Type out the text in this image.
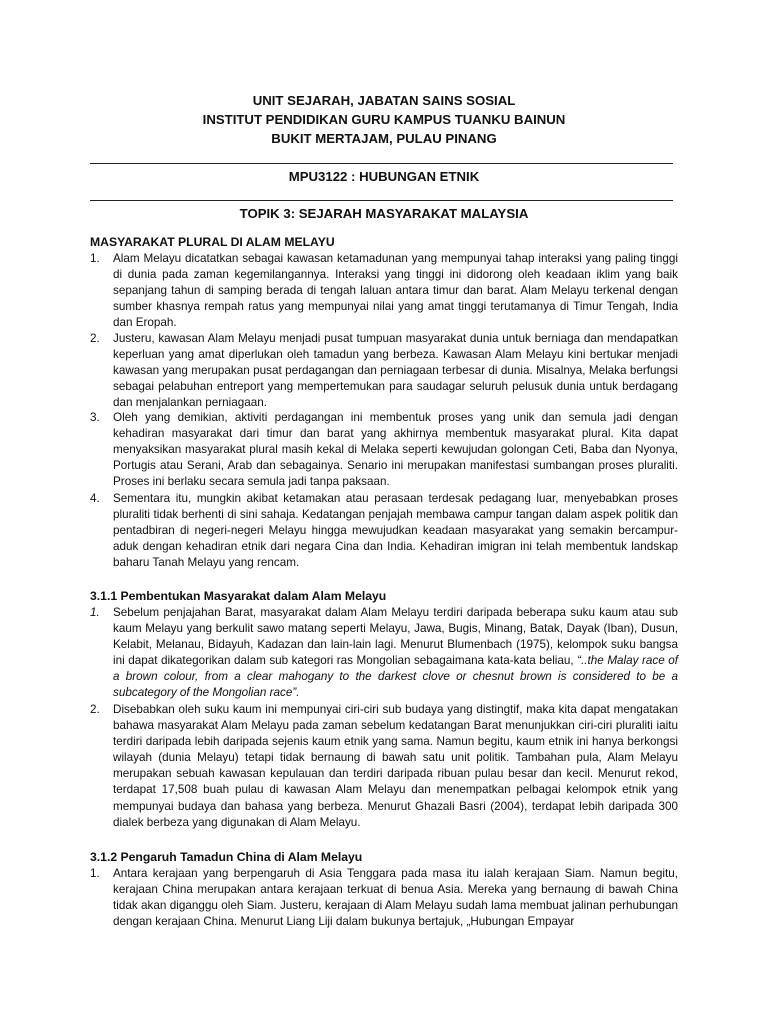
UNIT SEJARAH, JABATAN SAINS SOSIAL
INSTITUT PENDIDIKAN GURU KAMPUS TUANKU BAINUN
BUKIT MERTAJAM, PULAU PINANG
MPU3122 : HUBUNGAN ETNIK
TOPIK 3: SEJARAH MASYARAKAT MALAYSIA
MASYARAKAT PLURAL DI ALAM MELAYU
1.	Alam Melayu dicatatkan sebagai kawasan ketamadunan yang mempunyai tahap interaksi yang paling tinggi di dunia pada zaman kegemilangannya. Interaksi yang tinggi ini didorong oleh keadaan iklim yang baik sepanjang tahun di samping berada di tengah laluan antara timur dan barat. Alam Melayu terkenal dengan sumber khasnya rempah ratus yang mempunyai nilai yang amat tinggi terutamanya di Timur Tengah, India dan Eropah.
2.	Justeru, kawasan Alam Melayu menjadi pusat tumpuan masyarakat dunia untuk berniaga dan mendapatkan keperluan yang amat diperlukan oleh tamadun yang berbeza. Kawasan Alam Melayu kini bertukar menjadi kawasan yang merupakan pusat perdagangan dan perniagaan terbesar di dunia. Misalnya, Melaka berfungsi sebagai pelabuhan entreport yang mempertemukan para saudagar seluruh pelusuk dunia untuk berdagang dan menjalankan perniagaan.
3.	Oleh yang demikian, aktiviti perdagangan ini membentuk proses yang unik dan semula jadi dengan kehadiran masyarakat dari timur dan barat yang akhirnya membentuk masyarakat plural. Kita dapat menyaksikan masyarakat plural masih kekal di Melaka seperti kewujudan golongan Ceti, Baba dan Nyonya, Portugis atau Serani, Arab dan sebagainya. Senario ini merupakan manifestasi sumbangan proses pluraliti. Proses ini berlaku secara semula jadi tanpa paksaan.
4.	Sementara itu, mungkin akibat ketamakan atau perasaan terdesak pedagang luar, menyebabkan proses pluraliti tidak berhenti di sini sahaja. Kedatangan penjajah membawa campur tangan dalam aspek politik dan pentadbiran di negeri-negeri Melayu hingga mewujudkan keadaan masyarakat yang semakin bercampur-aduk dengan kehadiran etnik dari negara Cina dan India. Kehadiran imigran ini telah membentuk landskap baharu Tanah Melayu yang rencam.
3.1.1 Pembentukan Masyarakat dalam Alam Melayu
1.	Sebelum penjajahan Barat, masyarakat dalam Alam Melayu terdiri daripada beberapa suku kaum atau sub kaum Melayu yang berkulit sawo matang seperti Melayu, Jawa, Bugis, Minang, Batak, Dayak (Iban), Dusun, Kelabit, Melanau, Bidayuh, Kadazan dan lain-lain lagi. Menurut Blumenbach (1975), kelompok suku bangsa ini dapat dikategorikan dalam sub kategori ras Mongolian sebagaimana kata-kata beliau, “..the Malay race of a brown colour, from a clear mahogany to the darkest clove or chesnut brown is considered to be a subcategory of the Mongolian race”.
2.	Disebabkan oleh suku kaum ini mempunyai ciri-ciri sub budaya yang distingtif, maka kita dapat mengatakan bahawa masyarakat Alam Melayu pada zaman sebelum kedatangan Barat menunjukkan ciri-ciri pluraliti iaitu terdiri daripada lebih daripada sejenis kaum etnik yang sama. Namun begitu, kaum etnik ini hanya berkongsi wilayah (dunia Melayu) tetapi tidak bernaung di bawah satu unit politik. Tambahan pula, Alam Melayu merupakan sebuah kawasan kepulauan dan terdiri daripada ribuan pulau besar dan kecil. Menurut rekod, terdapat 17,508 buah pulau di kawasan Alam Melayu dan menempatkan pelbagai kelompok etnik yang mempunyai budaya dan bahasa yang berbeza. Menurut Ghazali Basri (2004), terdapat lebih daripada 300 dialek berbeza yang digunakan di Alam Melayu.
3.1.2 Pengaruh Tamadun China di Alam Melayu
1.	Antara kerajaan yang berpengaruh di Asia Tenggara pada masa itu ialah kerajaan Siam. Namun begitu, kerajaan China merupakan antara kerajaan terkuat di benua Asia. Mereka yang bernaung di bawah China tidak akan diganggu oleh Siam. Justeru, kerajaan di Alam Melayu sudah lama membuat jalinan perhubungan dengan kerajaan China. Menurut Liang Liji dalam bukunya bertajuk, „Hubungan Empayar
